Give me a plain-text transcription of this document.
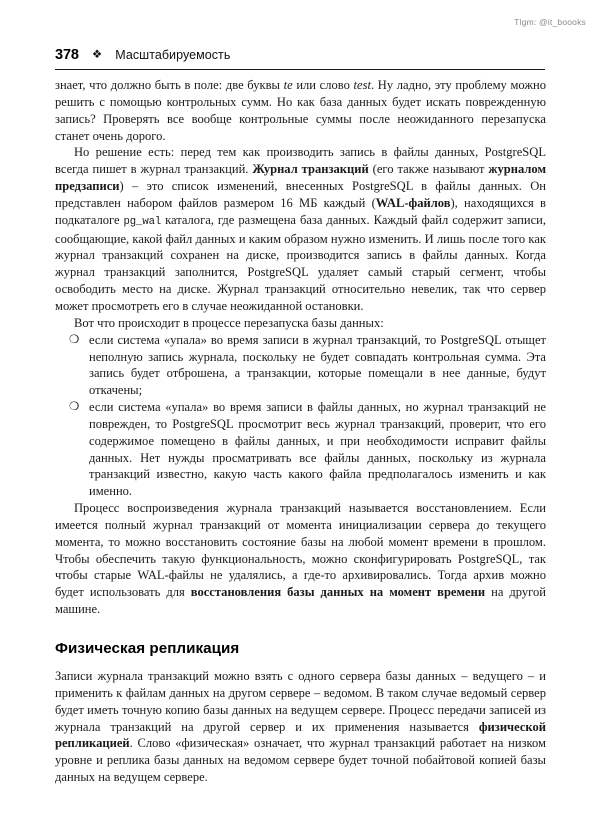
Tlgm: @it_boooks
378 ❖ Масштабируемость

знает, что должно быть в поле: две буквы te или слово test. Ну ладно, эту проблему можно решить с помощью контрольных сумм. Но как база данных будет искать поврежденную запись? Проверять все вообще контрольные суммы после неожиданного перезапуска станет очень дорого.

Но решение есть: перед тем как производить запись в файлы данных, PostgreSQL всегда пишет в журнал транзакций. Журнал транзакций (его также называют журналом предзаписи) – это список изменений, внесенных PostgreSQL в файлы данных. Он представлен набором файлов размером 16 МБ каждый (WAL-файлов), находящихся в подкаталоге pg_wal каталога, где размещена база данных. Каждый файл содержит записи, сообщающие, какой файл данных и каким образом нужно изменить. И лишь после того как журнал транзакций сохранен на диске, производится запись в файлы данных. Когда журнал транзакций заполнится, PostgreSQL удаляет самый старый сегмент, чтобы освободить место на диске. Журнал транзакций относительно невелик, так что сервер может просмотреть его в случае неожиданной остановки.

Вот что происходит в процессе перезапуска базы данных:

❍ если система «упала» во время записи в журнал транзакций, то PostgreSQL отыщет неполную запись журнала, поскольку не будет совпадать контрольная сумма. Эта запись будет отброшена, а транзакции, которые помещали в нее данные, будут откачены;
❍ если система «упала» во время записи в файлы данных, но журнал транзакций не поврежден, то PostgreSQL просмотрит весь журнал транзакций, проверит, что его содержимое помещено в файлы данных, и при необходимости исправит файлы данных. Нет нужды просматривать все файлы данных, поскольку из журнала транзакций известно, какую часть какого файла предполагалось изменить и как именно.

Процесс воспроизведения журнала транзакций называется восстановлением. Если имеется полный журнал транзакций от момента инициализации сервера до текущего момента, то можно восстановить состояние базы на любой момент времени в прошлом. Чтобы обеспечить такую функциональность, можно сконфигурировать PostgreSQL, так чтобы старые WAL-файлы не удалялись, а где-то архивировались. Тогда архив можно будет использовать для восстановления базы данных на момент времени на другой машине.

Физическая репликация

Записи журнала транзакций можно взять с одного сервера базы данных – ведущего – и применить к файлам данных на другом сервере – ведомом. В таком случае ведомый сервер будет иметь точную копию базы данных на ведущем сервере. Процесс передачи записей из журнала транзакций на другой сервер и их применения называется физической репликацией. Слово «физическая» означает, что журнал транзакций работает на низком уровне и реплика базы данных на ведомом сервере будет точной побайтовой копией базы данных на ведущем сервере.
